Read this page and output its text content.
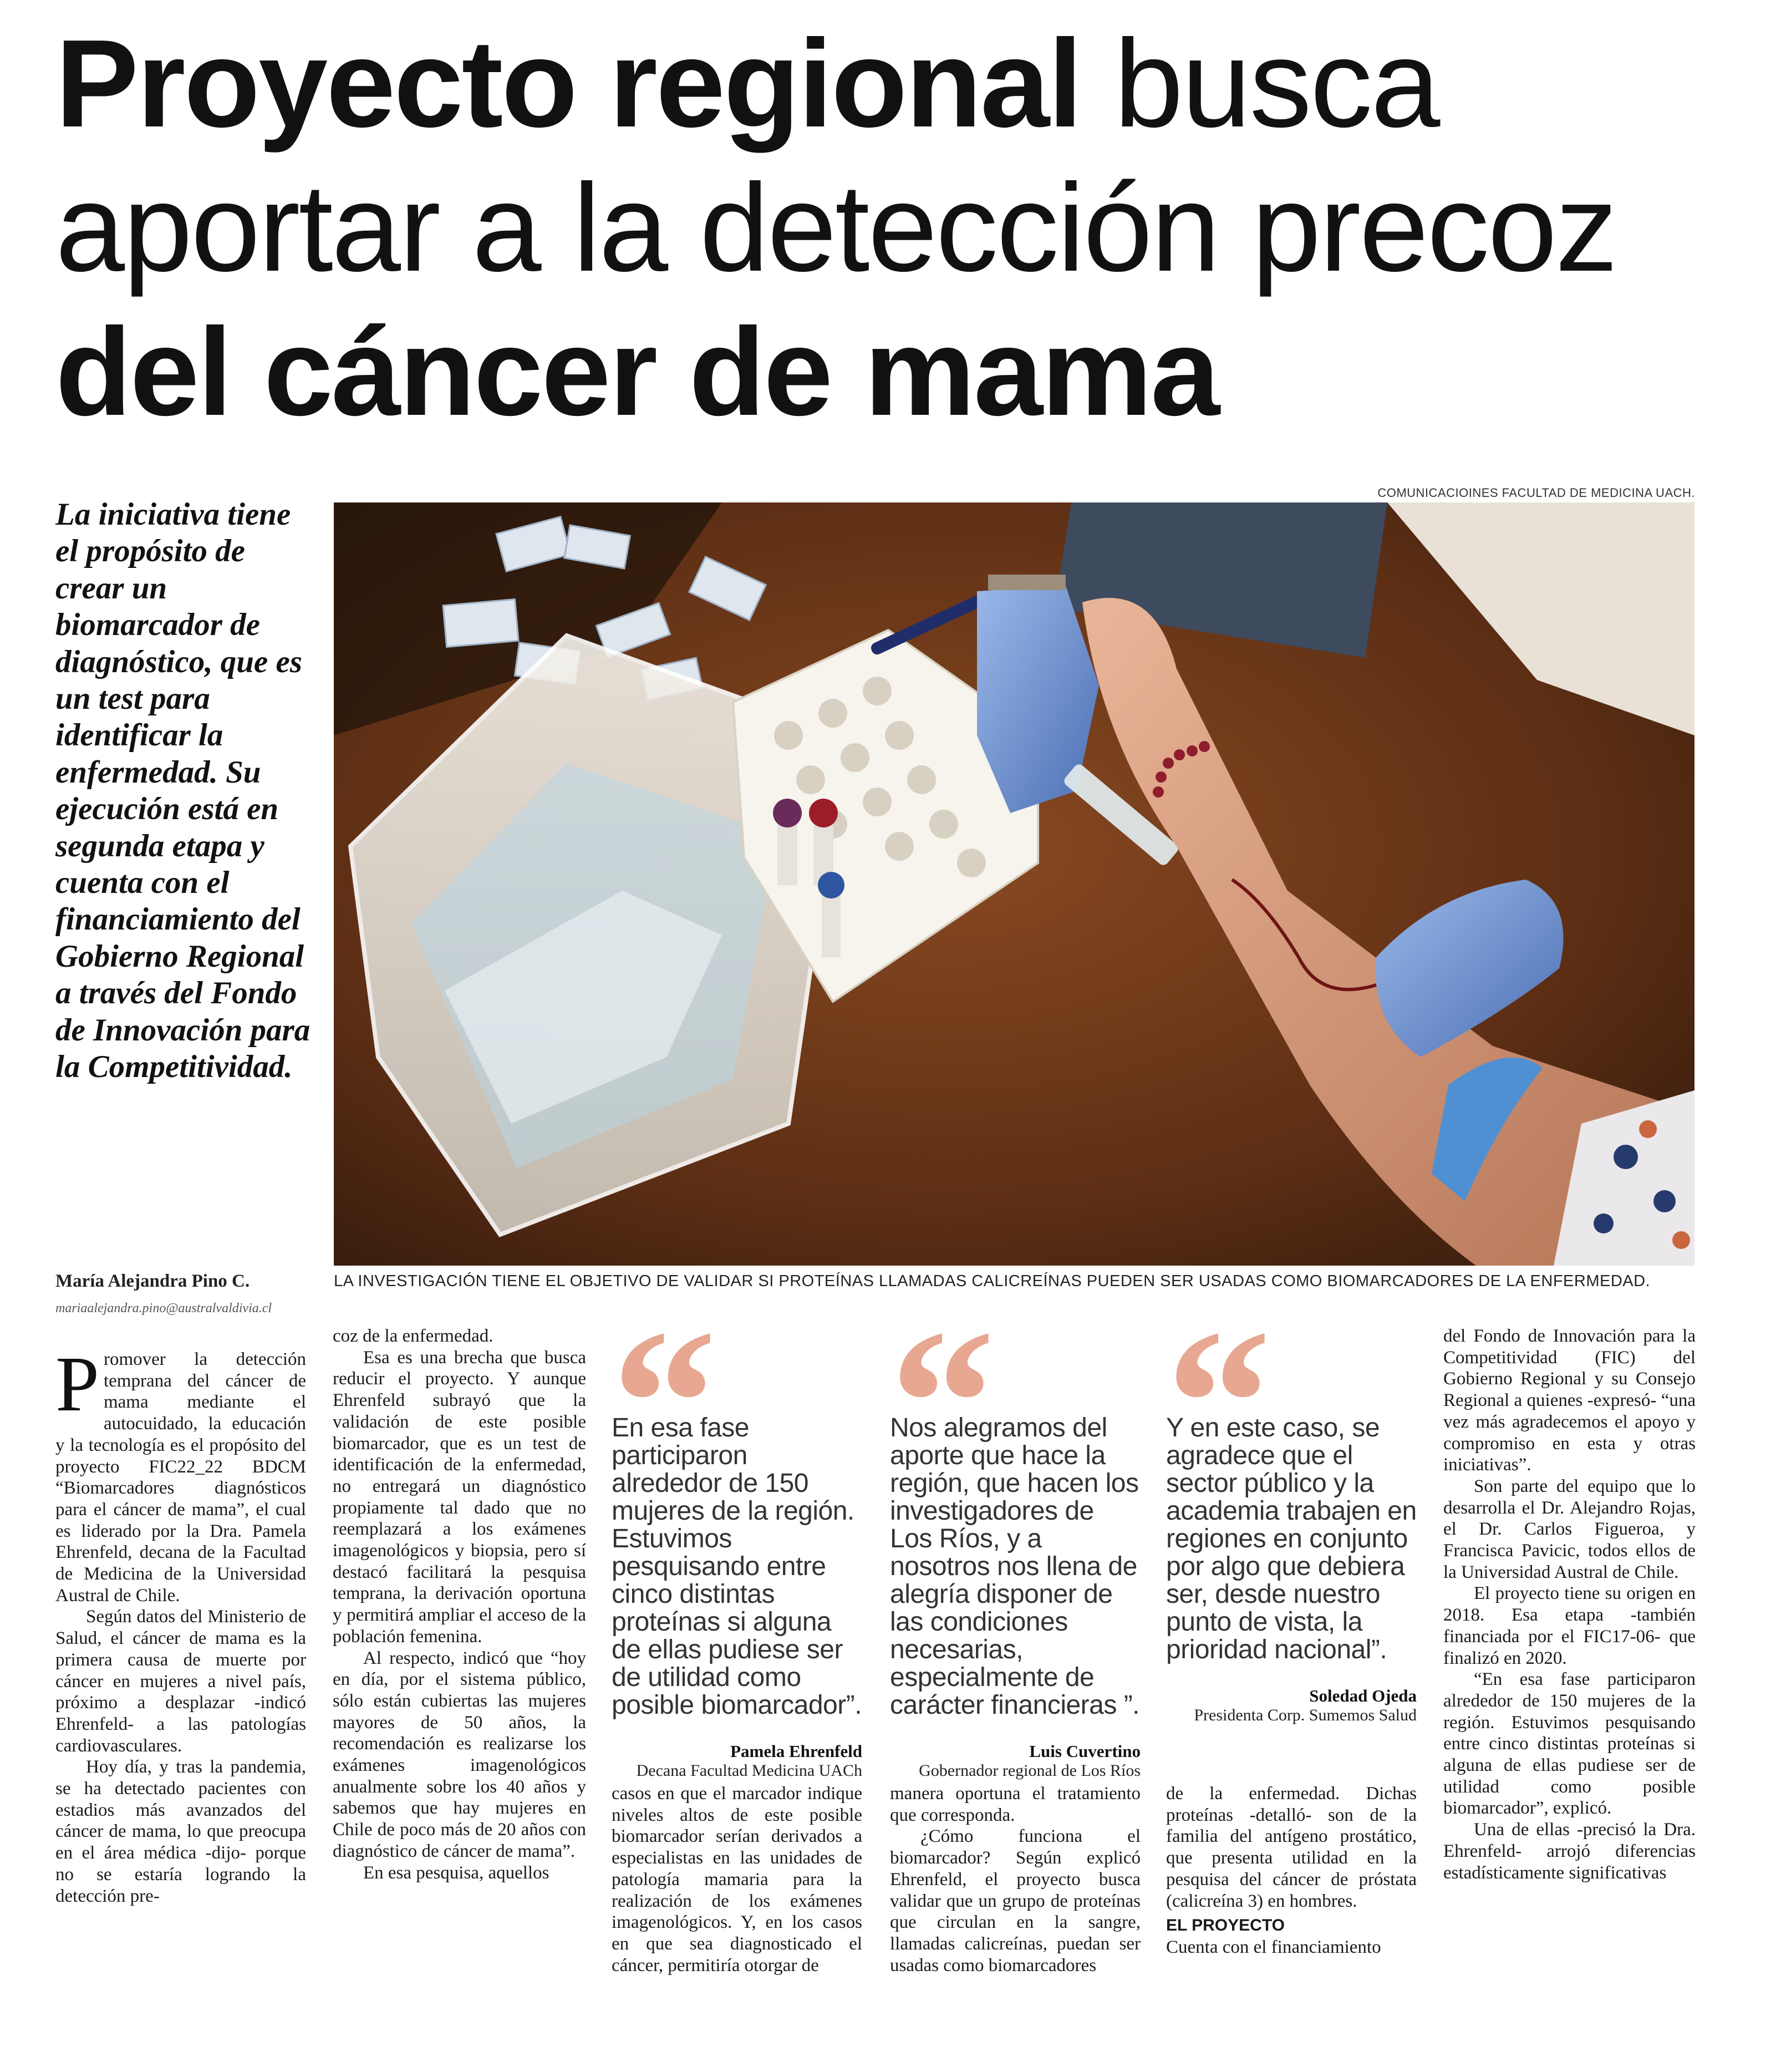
Proyecto regional busca
aportar a la detección precoz
del cáncer de mama
La iniciativa tiene el propósito de crear un biomarcador de diagnóstico, que es un test para identificar la enfermedad. Su ejecución está en segunda etapa y cuenta con el financiamiento del Gobierno Regional a través del Fondo de Innovación para la Competitividad.
COMUNICACIOINES FACULTAD DE MEDICINA UACH.
LA INVESTIGACIÓN TIENE EL OBJETIVO DE VALIDAR SI PROTEÍNAS LLAMADAS CALICREÍNAS PUEDEN SER USADAS COMO BIOMARCADORES DE LA ENFERMEDAD.
María Alejandra Pino C.
mariaalejandra.pino@australvaldivia.cl

Promover la detección temprana del cáncer de mama mediante el autocuidado, la educación y la tecnología es el propósito del proyecto FIC22_22 BDCM “Biomarcadores diagnósticos para el cáncer de mama”, el cual es liderado por la Dra. Pamela Ehrenfeld, decana de la Facultad de Medicina de la Universidad Austral de Chile.

Según datos del Ministerio de Salud, el cáncer de mama es la primera causa de muerte por cáncer en mujeres a nivel país, próximo a desplazar -indicó Ehrenfeld- a las patologías cardiovasculares.

Hoy día, y tras la pandemia, se ha detectado pacientes con estadios más avanzados del cáncer de mama, lo que preocupa en el área médica -dijo- porque no se estaría logrando la detección pre-

coz de la enfermedad.

Esa es una brecha que busca reducir el proyecto. Y aunque Ehrenfeld subrayó que la validación de este posible biomarcador, que es un test de identificación de la enfermedad, no entregará un diagnóstico propiamente tal dado que no reemplazará a los exámenes imagenológicos y biopsia, pero sí destacó facilitará la pesquisa temprana, la derivación oportuna y permitirá ampliar el acceso de la población femenina.

Al respecto, indicó que “hoy en día, por el sistema público, sólo están cubiertas las mujeres mayores de 50 años, la recomendación es realizarse los exámenes imagenológicos anualmente sobre los 40 años y sabemos que hay mujeres en Chile de poco más de 20 años con diagnóstico de cáncer de mama”.

En esa pesquisa, aquellos

En esa fase participaron alrededor de 150 mujeres de la región. Estuvimos pesquisando entre cinco distintas proteínas si alguna de ellas pudiese ser de utilidad como posible biomarcador”.
Pamela Ehrenfeld
Decana Facultad Medicina UACh

casos en que el marcador indique niveles altos de este posible biomarcador serían derivados a especialistas en las unidades de patología mamaria para la realización de los exámenes imagenológicos. Y, en los casos en que sea diagnosticado el cáncer, permitiría otorgar de

Nos alegramos del aporte que hace la región, que hacen los investigadores de Los Ríos, y a nosotros nos llena de alegría disponer de las condiciones necesarias, especialmente de carácter financieras ”.
Luis Cuvertino
Gobernador regional de Los Ríos

manera oportuna el tratamiento que corresponda.

¿Cómo funciona el biomarcador? Según explicó Ehrenfeld, el proyecto busca validar que un grupo de proteínas que circulan en la sangre, llamadas calicreínas, puedan ser usadas como biomarcadores

Y en este caso, se agradece que el sector público y la academia trabajen en regiones en conjunto por algo que debiera ser, desde nuestro punto de vista, la prioridad nacional”.
Soledad Ojeda
Presidenta Corp. Sumemos Salud

de la enfermedad. Dichas proteínas -detalló- son de la familia del antígeno prostático, que presenta utilidad en la pesquisa del cáncer de próstata (calicreína 3) en hombres.

EL PROYECTO

Cuenta con el financiamiento

del Fondo de Innovación para la Competitividad (FIC) del Gobierno Regional y su Consejo Regional a quienes -expresó- “una vez más agradecemos el apoyo y compromiso en esta y otras iniciativas”.

Son parte del equipo que lo desarrolla el Dr. Alejandro Rojas, el Dr. Carlos Figueroa, y Francisca Pavicic, todos ellos de la Universidad Austral de Chile.

El proyecto tiene su origen en 2018. Esa etapa -también financiada por el FIC17-06- que finalizó en 2020.

“En esa fase participaron alrededor de 150 mujeres de la región. Estuvimos pesquisando entre cinco distintas proteínas si alguna de ellas pudiese ser de utilidad como posible biomarcador”, explicó.

Una de ellas -precisó la Dra. Ehrenfeld- arrojó diferencias estadísticamente significativas
